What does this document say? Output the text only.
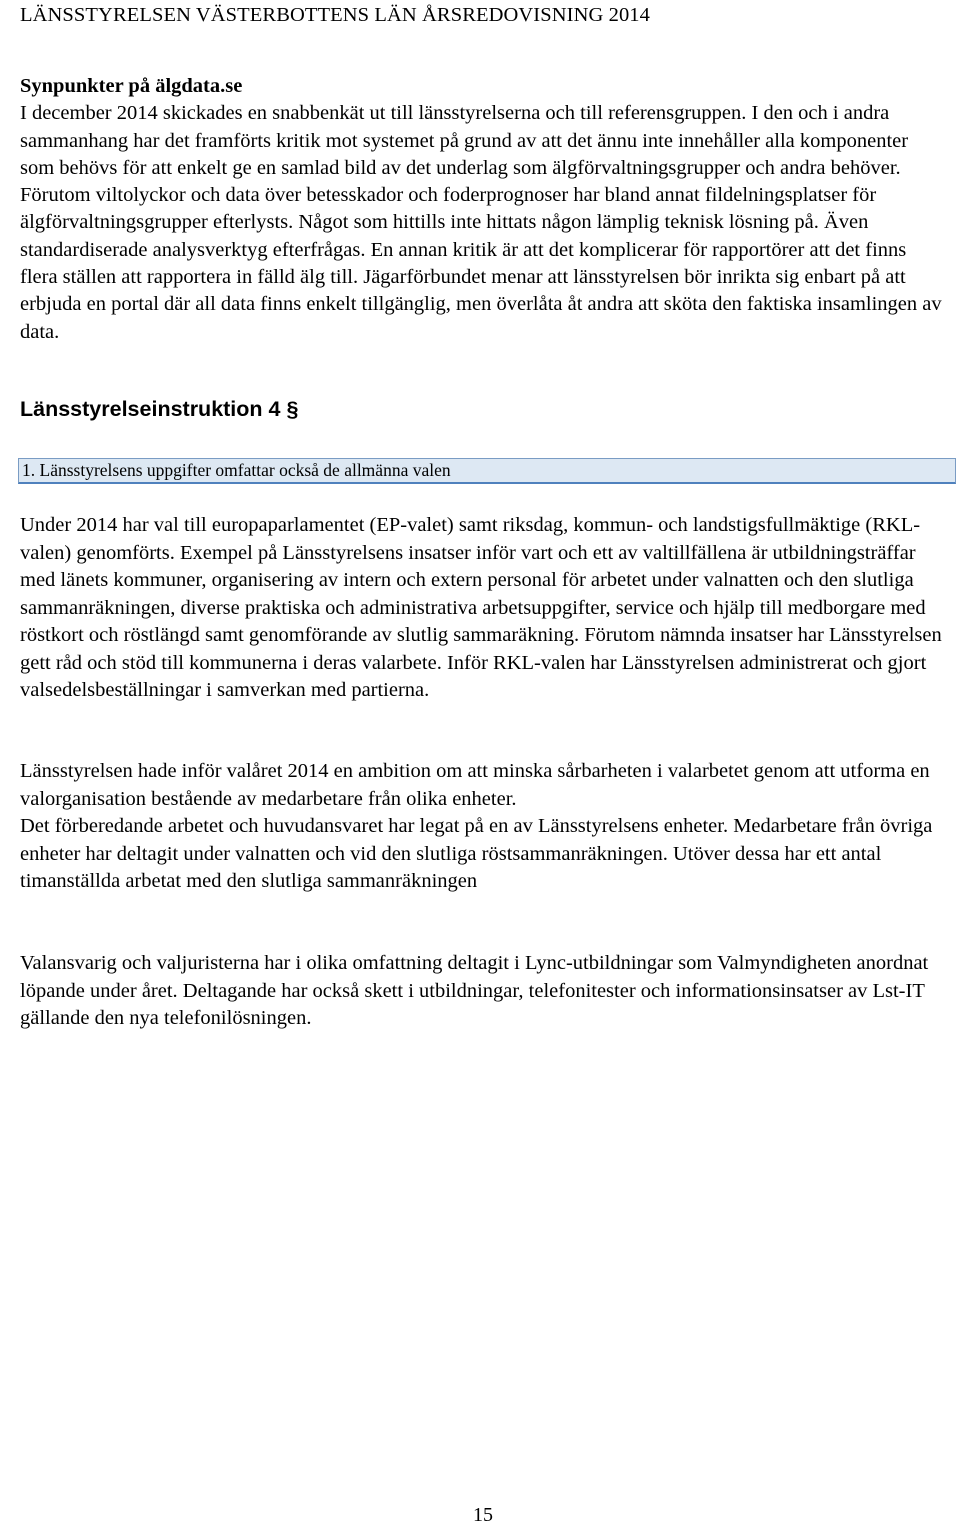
LÄNSSTYRELSEN VÄSTERBOTTENS LÄN ÅRSREDOVISNING 2014
Synpunkter på älgdata.se
I december 2014 skickades en snabbenkät ut till länsstyrelserna och till referensgruppen. I den och i andra sammanhang har det framförts kritik mot systemet på grund av att det ännu inte innehåller alla komponenter som behövs för att enkelt ge en samlad bild av det underlag som älgförvaltningsgrupper och andra behöver. Förutom viltolyckor och data över betesskador och foderprognoser har bland annat fildelningsplatser för älgförvaltningsgrupper efterlysts. Något som hittills inte hittats någon lämplig teknisk lösning på. Även standardiserade analysverktyg efterfrågas. En annan kritik är att det komplicerar för rapportörer att det finns flera ställen att rapportera in fälld älg till. Jägarförbundet menar att länsstyrelsen bör inrikta sig enbart på att erbjuda en portal där all data finns enkelt tillgänglig, men överlåta åt andra att sköta den faktiska insamlingen av data.
Länsstyrelseinstruktion 4 §
1. Länsstyrelsens uppgifter omfattar också de allmänna valen

Under 2014 har val till europaparlamentet (EP-valet) samt riksdag, kommun- och landstigsfullmäktige (RKL-valen) genomförts. Exempel på Länsstyrelsens insatser inför vart och ett av valtillfällena är utbildningsträffar med länets kommuner, organisering av intern och extern personal för arbetet under valnatten och den slutliga sammanräkningen, diverse praktiska och administrativa arbetsuppgifter, service och hjälp till medborgare med röstkort och röstlängd samt genomförande av slutlig sammaräkning. Förutom nämnda insatser har Länsstyrelsen gett råd och stöd till kommunerna i deras valarbete. Inför RKL-valen har Länsstyrelsen administrerat och gjort valsedelsbeställningar i samverkan med partierna.

Länsstyrelsen hade inför valåret 2014 en ambition om att minska sårbarheten i valarbetet genom att utforma en valorganisation bestående av medarbetare från olika enheter.
Det förberedande arbetet och huvudansvaret har legat på en av Länsstyrelsens enheter. Medarbetare från övriga enheter har deltagit under valnatten och vid den slutliga röstsammanräkningen. Utöver dessa har ett antal timanställda arbetat med den slutliga sammanräkningen

Valansvarig och valjuristerna har i olika omfattning deltagit i Lync-utbildningar som Valmyndigheten anordnat löpande under året. Deltagande har också skett i utbildningar, telefonitester och informationsinsatser av Lst-IT gällande den nya telefonilösningen.

15
